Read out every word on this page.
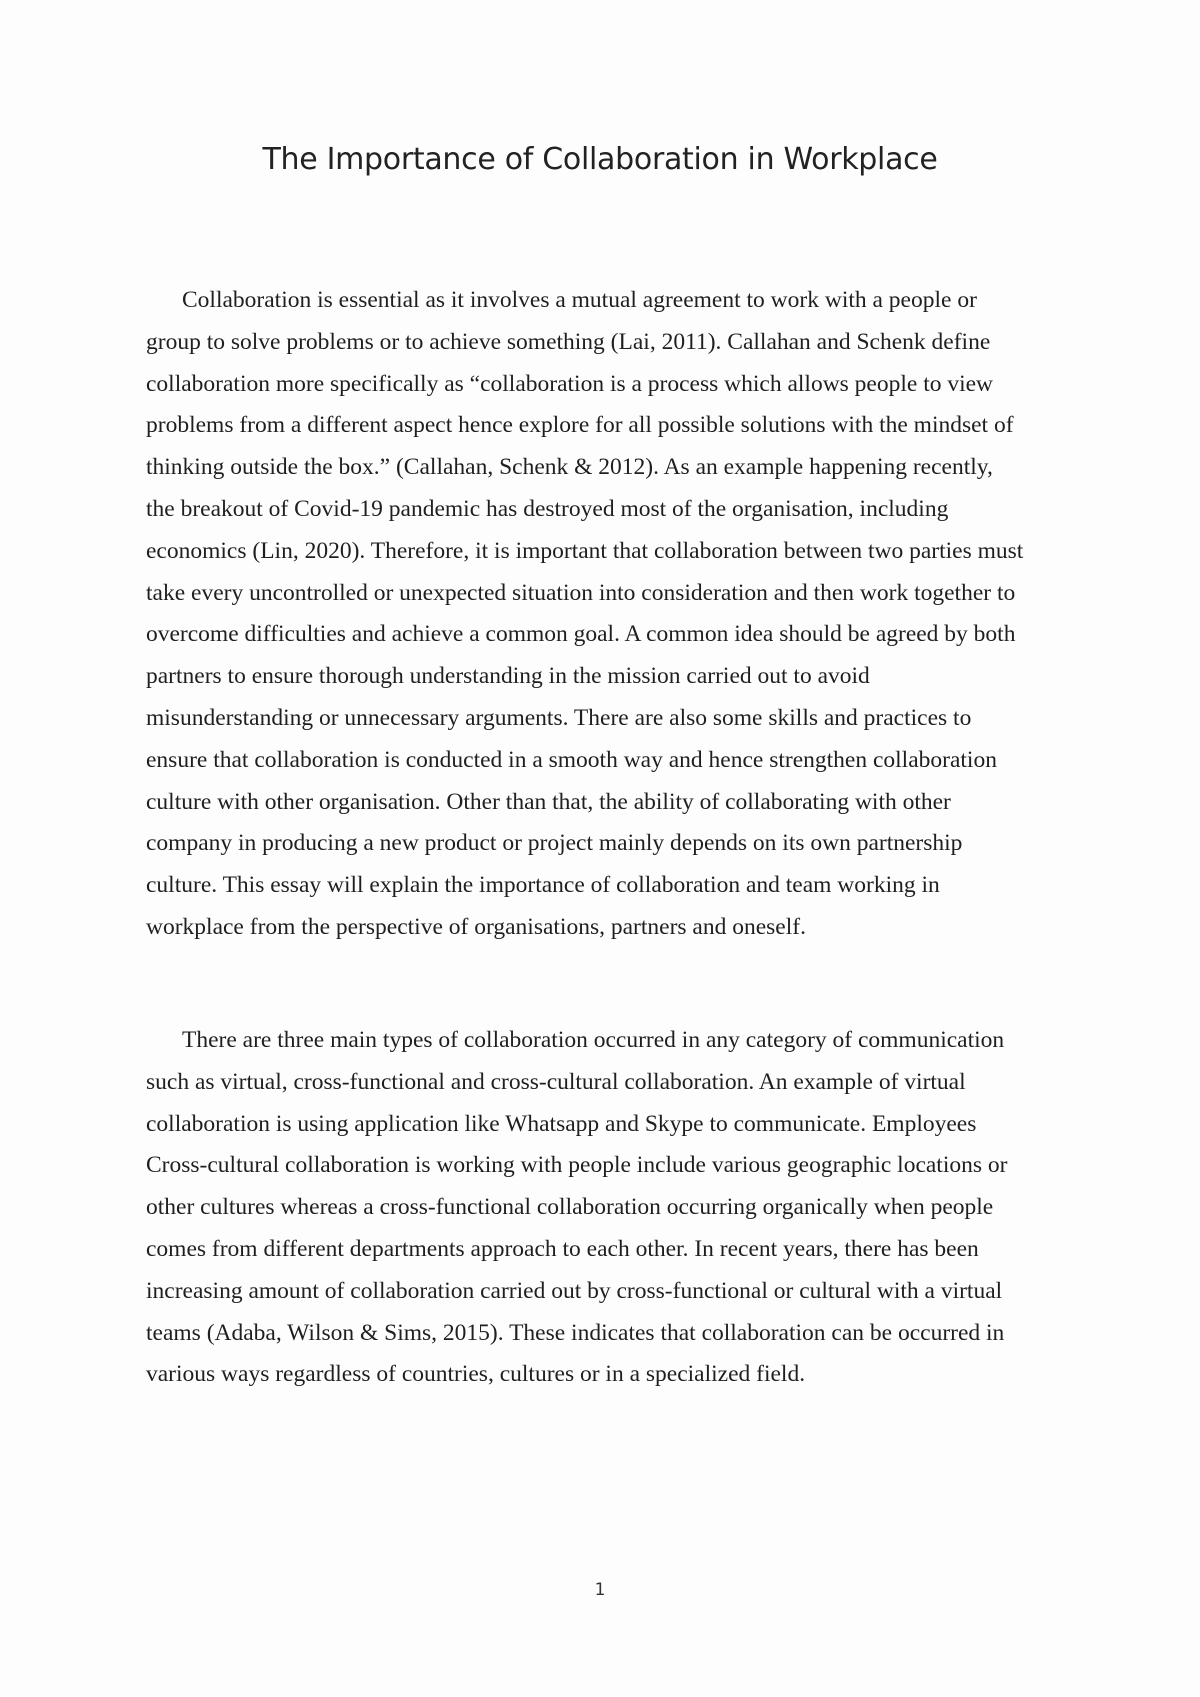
The Importance of Collaboration in Workplace

Collaboration is essential as it involves a mutual agreement to work with a people or
group to solve problems or to achieve something (Lai, 2011). Callahan and Schenk define
collaboration more specifically as “collaboration is a process which allows people to view
problems from a different aspect hence explore for all possible solutions with the mindset of
thinking outside the box.” (Callahan, Schenk & 2012). As an example happening recently,
the breakout of Covid-19 pandemic has destroyed most of the organisation, including
economics (Lin, 2020). Therefore, it is important that collaboration between two parties must
take every uncontrolled or unexpected situation into consideration and then work together to
overcome difficulties and achieve a common goal. A common idea should be agreed by both
partners to ensure thorough understanding in the mission carried out to avoid
misunderstanding or unnecessary arguments. There are also some skills and practices to
ensure that collaboration is conducted in a smooth way and hence strengthen collaboration
culture with other organisation. Other than that, the ability of collaborating with other
company in producing a new product or project mainly depends on its own partnership
culture. This essay will explain the importance of collaboration and team working in
workplace from the perspective of organisations, partners and oneself.

There are three main types of collaboration occurred in any category of communication
such as virtual, cross-functional and cross-cultural collaboration. An example of virtual
collaboration is using application like Whatsapp and Skype to communicate. Employees
Cross-cultural collaboration is working with people include various geographic locations or
other cultures whereas a cross-functional collaboration occurring organically when people
comes from different departments approach to each other. In recent years, there has been
increasing amount of collaboration carried out by cross-functional or cultural with a virtual
teams (Adaba, Wilson & Sims, 2015). These indicates that collaboration can be occurred in
various ways regardless of countries, cultures or in a specialized field.

1
